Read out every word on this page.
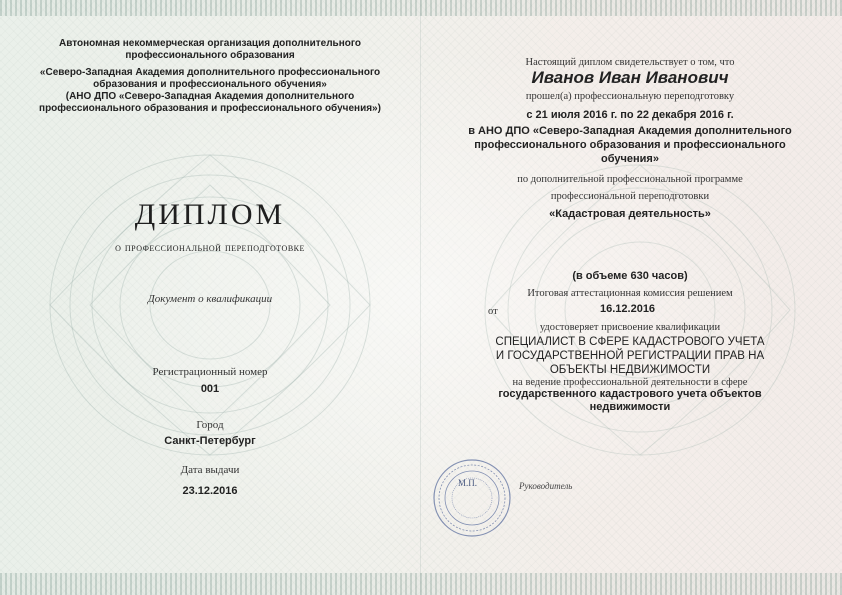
Автономная некоммерческая организация дополнительного

профессионального образования

«Северо-Западная Академия дополнительного профессионального

образования и профессионального обучения»

(АНО ДПО «Северо-Западная Академия дополнительного

профессионального образования и профессионального обучения»)

ДИПЛОМ

о профессиональной переподготовке

Документ о квалификации

Регистрационный номер

001

Город

Санкт-Петербург

Дата выдачи

23.12.2016

Настоящий диплом свидетельствует о том, что

Иванов Иван Иванович

прошел(а) профессиональную переподготовку

с 21 июля 2016 г. по 22 декабря 2016 г.

в АНО ДПО «Северо-Западная Академия дополнительного

профессионального образования и профессионального

обучения»

по дополнительной профессиональной программе

профессиональной переподготовки

«Кадастровая деятельность»

(в объеме 630 часов)

Итоговая аттестационная комиссия решением

от	16.12.2016

удостоверяет присвоение квалификации

СПЕЦИАЛИСТ В СФЕРЕ КАДАСТРОВОГО УЧЕТА

И ГОСУДАРСТВЕННОЙ РЕГИСТРАЦИИ ПРАВ НА

ОБЪЕКТЫ НЕДВИЖИМОСТИ

на ведение профессиональной деятельности в сфере

государственного кадастрового учета объектов

недвижимости

М.П.	Руководитель
